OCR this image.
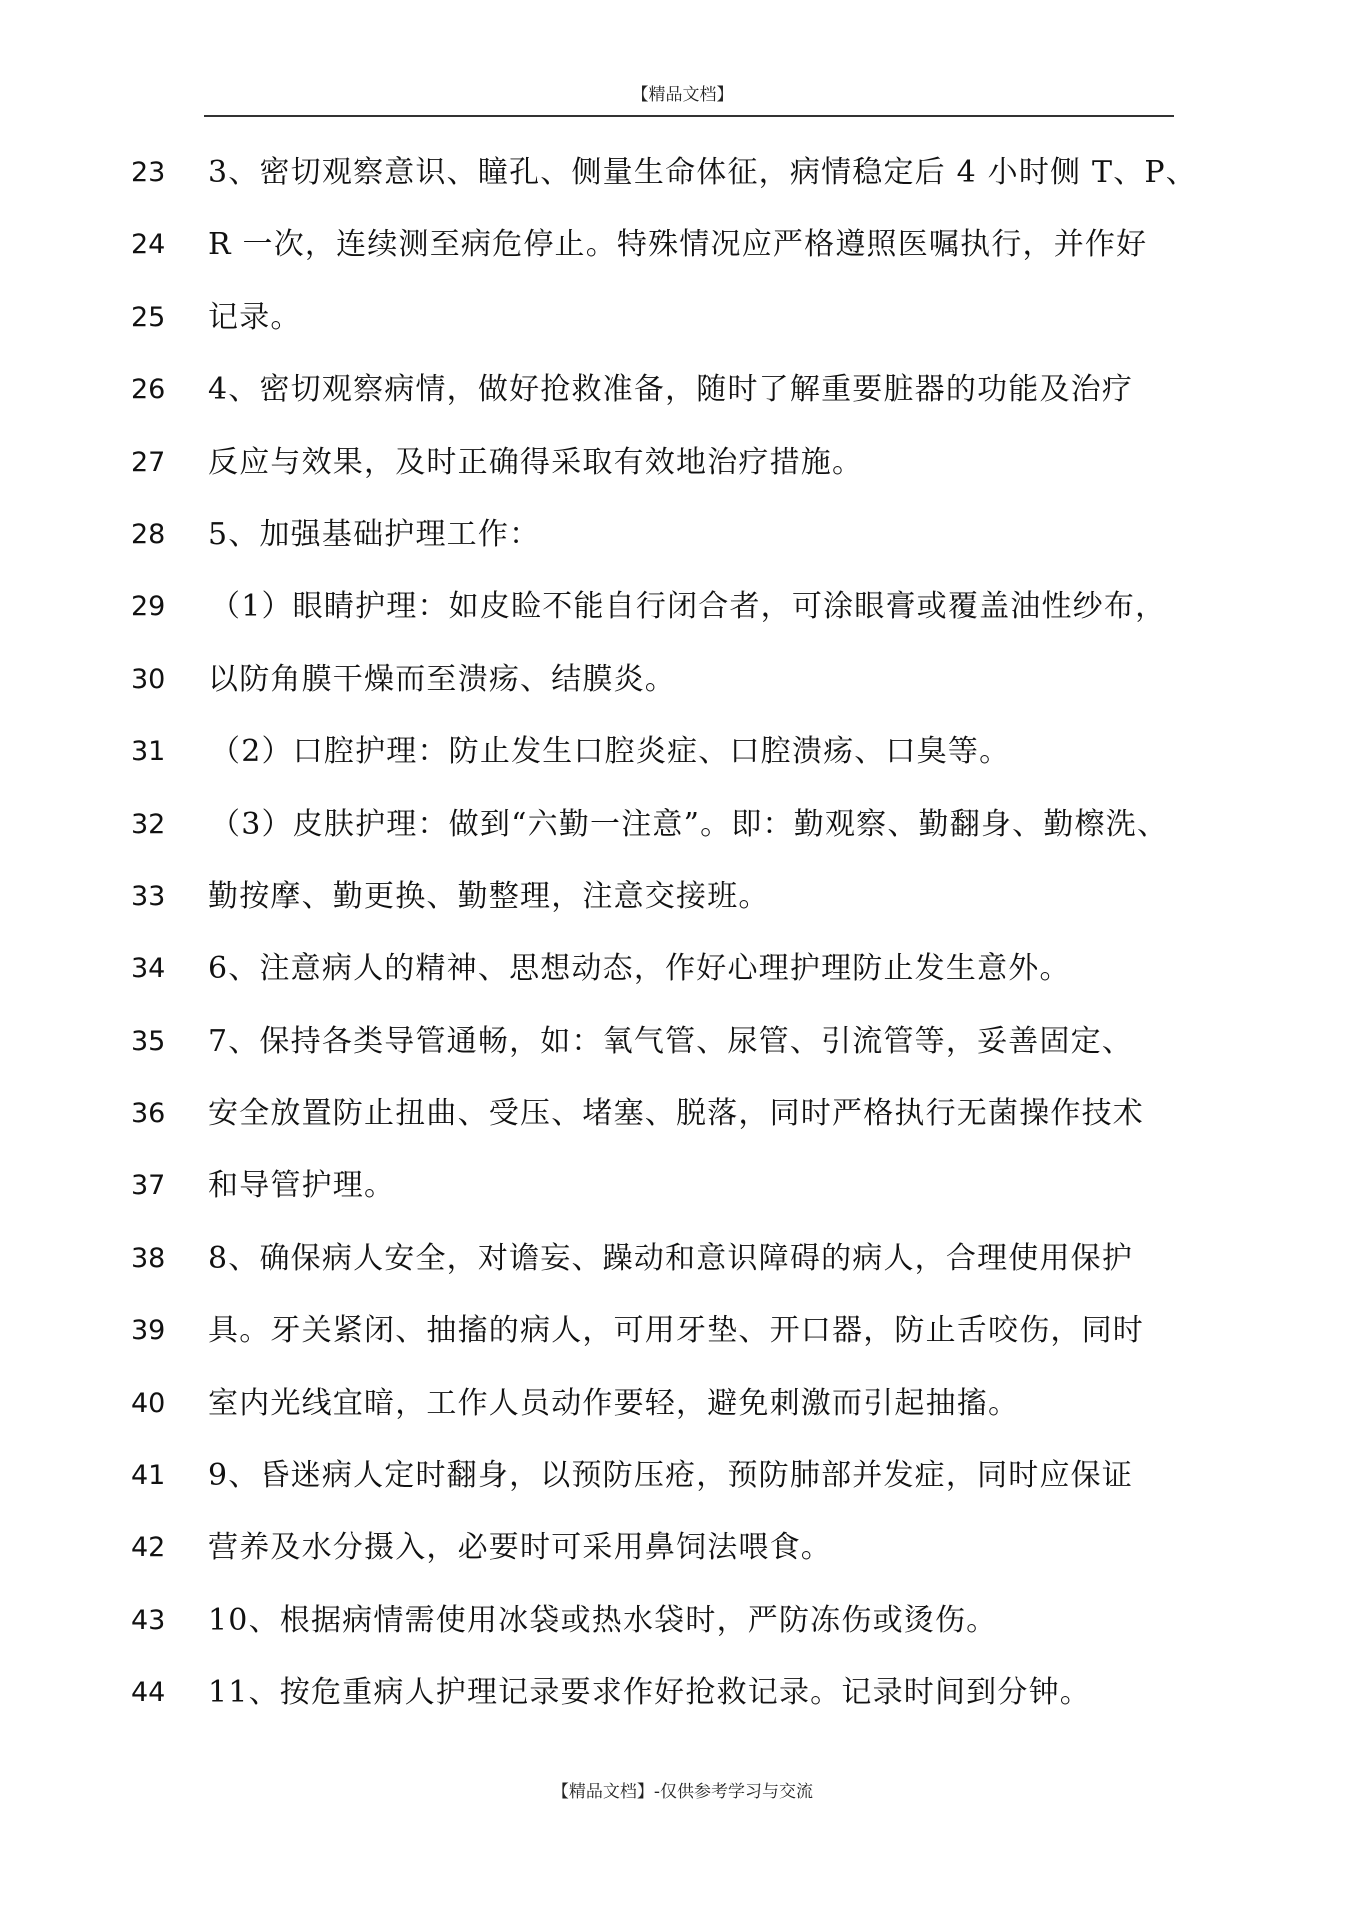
【精品文档】
23	3、密切观察意识、瞳孔、侧量生命体征，病情稳定后 4 小时侧 T、P、
24	R 一次，连续测至病危停止。特殊情况应严格遵照医嘱执行，并作好
25	记录。
26	4、密切观察病情，做好抢救准备，随时了解重要脏器的功能及治疗
27	反应与效果，及时正确得采取有效地治疗措施。
28	5、加强基础护理工作：
29	（1）眼睛护理：如皮睑不能自行闭合者，可涂眼膏或覆盖油性纱布，
30	以防角膜干燥而至溃疡、结膜炎。
31	（2）口腔护理：防止发生口腔炎症、口腔溃疡、口臭等。
32	（3）皮肤护理：做到“六勤一注意”。即：勤观察、勤翻身、勤檫洗、
33	勤按摩、勤更换、勤整理，注意交接班。
34	6、注意病人的精神、思想动态，作好心理护理防止发生意外。
35	7、保持各类导管通畅，如：氧气管、尿管、引流管等，妥善固定、
36	安全放置防止扭曲、受压、堵塞、脱落，同时严格执行无菌操作技术
37	和导管护理。
38	8、确保病人安全，对谵妄、躁动和意识障碍的病人，合理使用保护
39	具。牙关紧闭、抽搐的病人，可用牙垫、开口器，防止舌咬伤，同时
40	室内光线宜暗，工作人员动作要轻，避免刺激而引起抽搐。
41	9、昏迷病人定时翻身，以预防压疮，预防肺部并发症，同时应保证
42	营养及水分摄入，必要时可采用鼻饲法喂食。
43	10、根据病情需使用冰袋或热水袋时，严防冻伤或烫伤。
44	11、按危重病人护理记录要求作好抢救记录。记录时间到分钟。
【精品文档】-仅供参考学习与交流
